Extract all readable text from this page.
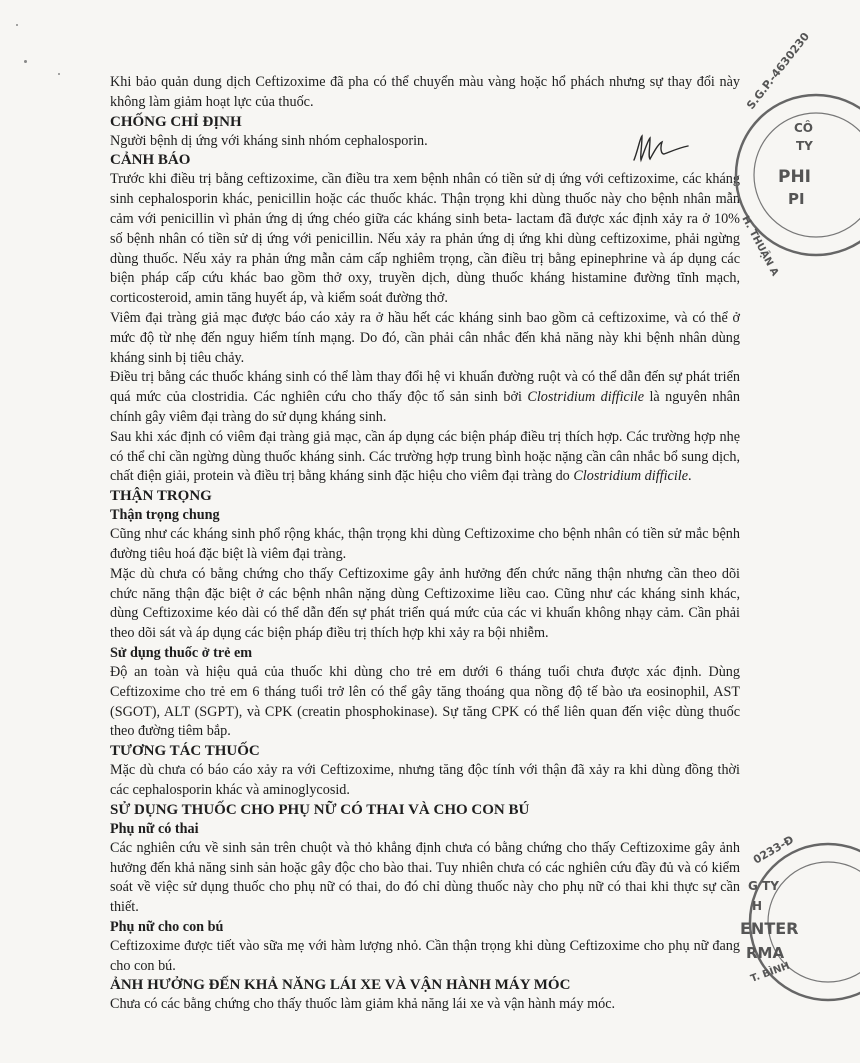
Khi bảo quản dung dịch Ceftizoxime đã pha có thể chuyển màu vàng hoặc hổ phách nhưng sự thay đổi này không làm giảm hoạt lực của thuốc.

CHỐNG CHỈ ĐỊNH

Người bệnh dị ứng với kháng sinh nhóm cephalosporin.

CẢNH BÁO

Trước khi điều trị bằng ceftizoxime, cần điều tra xem bệnh nhân có tiền sử dị ứng với ceftizoxime, các kháng sinh cephalosporin khác, penicillin hoặc các thuốc khác. Thận trọng khi dùng thuốc này cho bệnh nhân mẫn cảm với penicillin vì phản ứng dị ứng chéo giữa các kháng sinh beta- lactam đã được xác định xảy ra ở 10% số bệnh nhân có tiền sử dị ứng với penicillin. Nếu xảy ra phản ứng dị ứng khi dùng ceftizoxime, phải ngừng dùng thuốc. Nếu xảy ra phản ứng mẫn cảm cấp nghiêm trọng, cần điều trị bằng epinephrine và áp dụng các biện pháp cấp cứu khác bao gồm thở oxy, truyền dịch, dùng thuốc kháng histamine đường tĩnh mạch, corticosteroid, amin tăng huyết áp, và kiểm soát đường thở.

Viêm đại tràng giả mạc được báo cáo xảy ra ở hầu hết các kháng sinh bao gồm cả ceftizoxime, và có thể ở mức độ từ nhẹ đến nguy hiểm tính mạng. Do đó, cần phải cân nhắc đến khả năng này khi bệnh nhân dùng kháng sinh bị tiêu chảy.

Điều trị bằng các thuốc kháng sinh có thể làm thay đổi hệ vi khuẩn đường ruột và có thể dẫn đến sự phát triển quá mức của clostridia. Các nghiên cứu cho thấy độc tố sản sinh bởi Clostridium difficile là nguyên nhân chính gây viêm đại tràng do sử dụng kháng sinh.

Sau khi xác định có viêm đại tràng giả mạc, cần áp dụng các biện pháp điều trị thích hợp. Các trường hợp nhẹ có thể chỉ cần ngừng dùng thuốc kháng sinh. Các trường hợp trung bình hoặc nặng cần cân nhắc bổ sung dịch, chất điện giải, protein và điều trị bằng kháng sinh đặc hiệu cho viêm đại tràng do Clostridium difficile.

THẬN TRỌNG

Thận trọng chung

Cũng như các kháng sinh phổ rộng khác, thận trọng khi dùng Ceftizoxime cho bệnh nhân có tiền sử mắc bệnh đường tiêu hoá đặc biệt là viêm đại tràng.

Mặc dù chưa có bằng chứng cho thấy Ceftizoxime gây ảnh hưởng đến chức năng thận nhưng cần theo dõi chức năng thận đặc biệt ở các bệnh nhân nặng dùng Ceftizoxime liều cao. Cũng như các kháng sinh khác, dùng Ceftizoxime kéo dài có thể dẫn đến sự phát triển quá mức của các vi khuẩn không nhạy cảm. Cần phải theo dõi sát và áp dụng các biện pháp điều trị thích hợp khi xảy ra bội nhiễm.

Sử dụng thuốc ở trẻ em

Độ an toàn và hiệu quả của thuốc khi dùng cho trẻ em dưới 6 tháng tuổi chưa được xác định. Dùng Ceftizoxime cho trẻ em 6 tháng tuổi trở lên có thể gây tăng thoáng qua nồng độ tế bào ưa eosinophil, AST (SGOT), ALT (SGPT), và CPK (creatin phosphokinase). Sự tăng CPK có thể liên quan đến việc dùng thuốc theo đường tiêm bắp.

TƯƠNG TÁC THUỐC

Mặc dù chưa có báo cáo xảy ra với Ceftizoxime, nhưng tăng độc tính với thận đã xảy ra khi dùng đồng thời các cephalosporin khác và aminoglycosid.

SỬ DỤNG THUỐC CHO PHỤ NỮ CÓ THAI VÀ CHO CON BÚ

Phụ nữ có thai

Các nghiên cứu về sinh sản trên chuột và thỏ khẳng định chưa có bằng chứng cho thấy Ceftizoxime gây ảnh hưởng đến khả năng sinh sản hoặc gây độc cho bào thai. Tuy nhiên chưa có các nghiên cứu đầy đủ và có kiểm soát về việc sử dụng thuốc cho phụ nữ có thai, do đó chỉ dùng thuốc này cho phụ nữ có thai khi thực sự cần thiết.

Phụ nữ cho con bú

Ceftizoxime được tiết vào sữa mẹ với hàm lượng nhỏ. Cần thận trọng khi dùng Ceftizoxime cho phụ nữ đang cho con bú.

ẢNH HƯỞNG ĐẾN KHẢ NĂNG LÁI XE VÀ VẬN HÀNH MÁY MÓC

Chưa có các bằng chứng cho thấy thuốc làm giảm khả năng lái xe và vận hành máy móc.

S.G.P.-4630230
CÔ
TY
PHI
PI
H. THUẬN A
0233-Đ
G TY
H
ENTER
RMA
T. BÌNH
